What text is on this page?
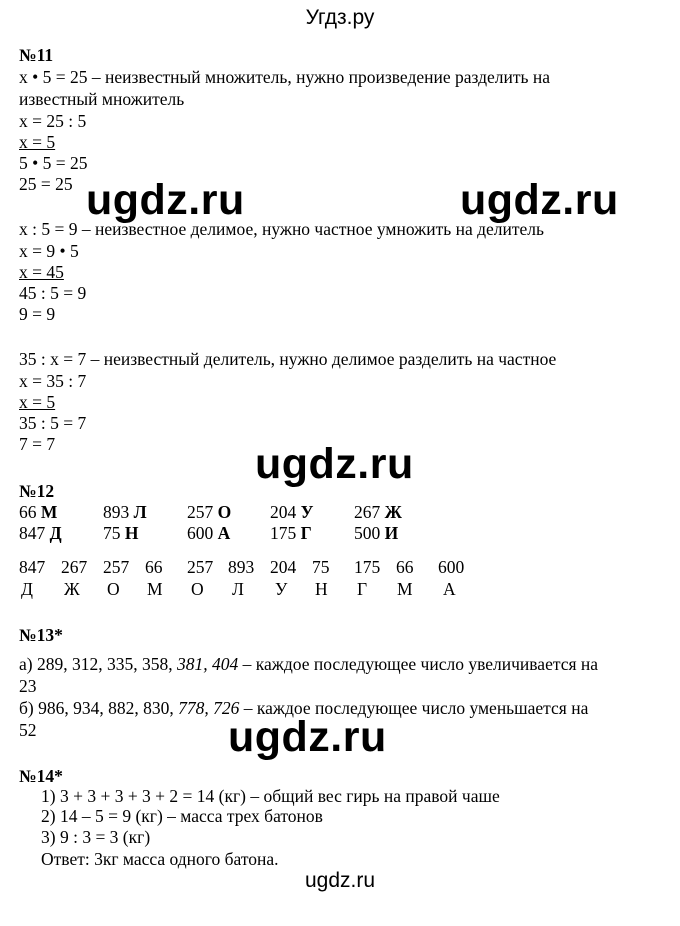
Угдз.ру
ugdz.ru	ugdz.ru
ugdz.ru
ugdz.ru
№11
x • 5 = 25 – неизвестный множитель, нужно произведение разделить на
известный множитель
x = 25 : 5
x = 5
5 • 5 = 25
25 = 25
x : 5 = 9 – неизвестное делимое, нужно частное умножить на делитель
x = 9 • 5
x = 45
45 : 5 = 9
9 = 9
35 : x = 7 – неизвестный делитель, нужно делимое разделить на частное
x = 35 : 7
x = 5
35 : 5 = 7
7 = 7
№12
66 М	893 Л 257 О 204 У 267 Ж
847 Д 75 Н	600 А 175 Г 500 И
847 267 257 66 257 893 204 75 175 66 600
Д Ж О М О Л У Н Г М А
№13*
а) 289, 312, 335, 358, 381, 404 – каждое последующее число увеличивается на
23
б) 986, 934, 882, 830, 778, 726 – каждое последующее число уменьшается на
52
№14*
1) 3 + 3 + 3 + 3 + 2 = 14 (кг) – общий вес гирь на правой чаше
2) 14 – 5 = 9 (кг) – масса трех батонов
3) 9 : 3 = 3 (кг)
Ответ: 3кг масса одного батона.
ugdz.ru
